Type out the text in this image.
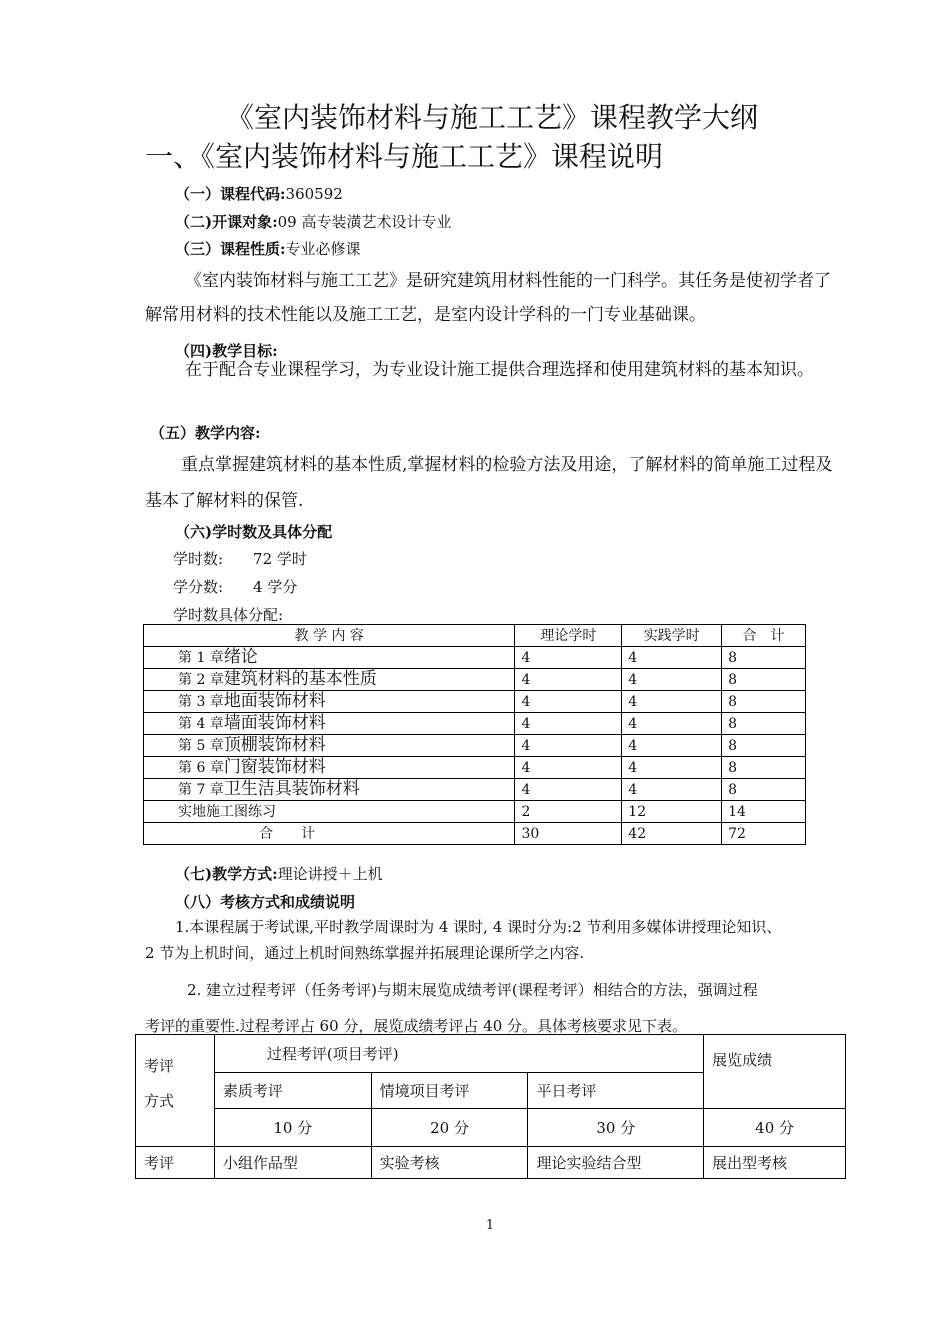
《室内装饰材料与施工工艺》课程教学大纲
一、《室内装饰材料与施工工艺》课程说明
（一）课程代码:360592
（二)开课对象:09 高专装潢艺术设计专业
（三）课程性质:专业必修课
《室内装饰材料与施工工艺》是研究建筑用材料性能的一门科学。其任务是使初学者了解常用材料的技术性能以及施工工艺，是室内设计学科的一门专业基础课。
（四)教学目标:
在于配合专业课程学习，为专业设计施工提供合理选择和使用建筑材料的基本知识。
（五）教学内容:
重点掌握建筑材料的基本性质,掌握材料的检验方法及用途，了解材料的简单施工过程及基本了解材料的保管.
（六)学时数及具体分配
学时数:　　72 学时
学分数:　　4 学分
学时数具体分配:
教 学 内 容	理论学时	实践学时	合　计
第 1 章绪论	4	4	8
第 2 章建筑材料的基本性质	4	4	8
第 3 章地面装饰材料	4	4	8
第 4 章墙面装饰材料	4	4	8
第 5 章顶棚装饰材料	4	4	8
第 6 章门窗装饰材料	4	4	8
第 7 章卫生洁具装饰材料	4	4	8
实地施工图练习	2	12	14
合　　计	30	42	72
（七)教学方式:理论讲授＋上机
（八）考核方式和成绩说明
1.本课程属于考试课,平时教学周课时为 4 课时, 4 课时分为:2 节利用多媒体讲授理论知识、
2 节为上机时间，通过上机时间熟练掌握并拓展理论课所学之内容.
2. 建立过程考评（任务考评)与期末展览成绩考评(课程考评）相结合的方法，强调过程
考评的重要性.过程考评占 60 分，展览成绩考评占 40 分。具体考核要求见下表。
考评
方式	过程考评(项目考评)			展览成绩
	素质考评	情境项目考评	平日考评	
	10 分	20 分	30 分	40 分
考评	小组作品型	实验考核	理论实验结合型	展出型考核
1
